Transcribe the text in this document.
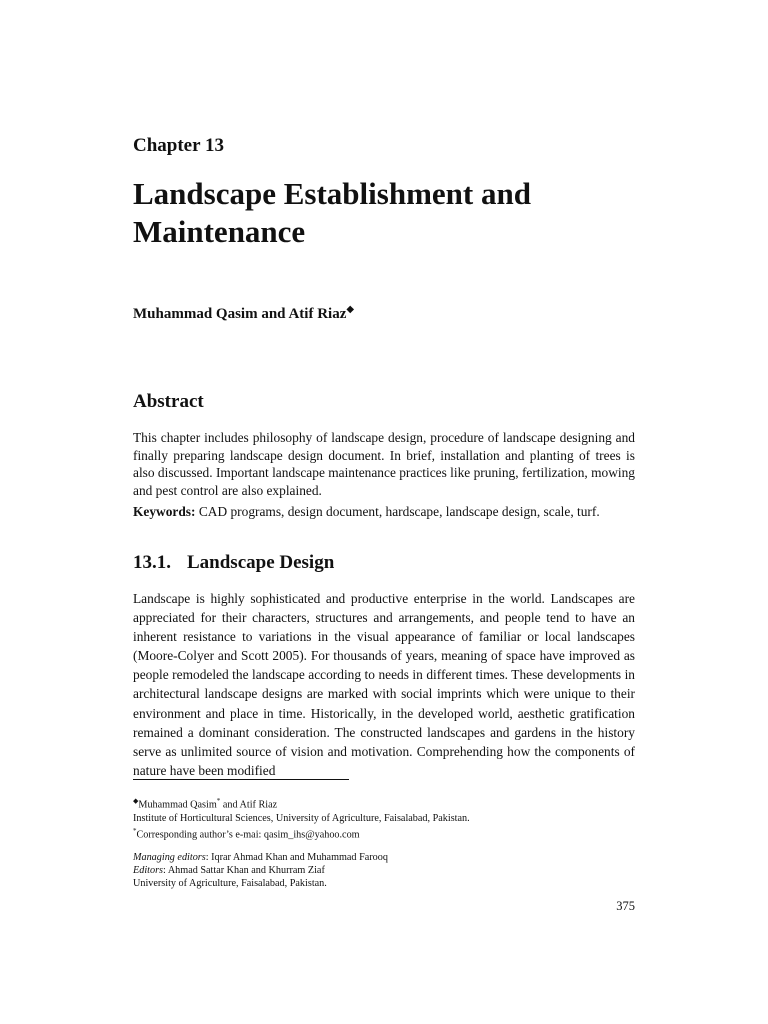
Chapter 13
Landscape Establishment and Maintenance

Muhammad Qasim and Atif Riaz◆

Abstract

This chapter includes philosophy of landscape design, procedure of landscape designing and finally preparing landscape design document. In brief, installation and planting of trees is also discussed. Important landscape maintenance practices like pruning, fertilization, mowing and pest control are also explained.

Keywords: CAD programs, design document, hardscape, landscape design, scale, turf.

13.1. Landscape Design

Landscape is highly sophisticated and productive enterprise in the world. Landscapes are appreciated for their characters, structures and arrangements, and people tend to have an inherent resistance to variations in the visual appearance of familiar or local landscapes (Moore-Colyer and Scott 2005). For thousands of years, meaning of space have improved as people remodeled the landscape according to needs in different times. These developments in architectural landscape designs are marked with social imprints which were unique to their environment and place in time. Historically, in the developed world, aesthetic gratification remained a dominant consideration. The constructed landscapes and gardens in the history serve as unlimited source of vision and motivation. Comprehending how the components of nature have been modified

◆Muhammad Qasim* and Atif Riaz
Institute of Horticultural Sciences, University of Agriculture, Faisalabad, Pakistan.
*Corresponding author’s e-mai: qasim_ihs@yahoo.com
Managing editors: Iqrar Ahmad Khan and Muhammad Farooq
Editors: Ahmad Sattar Khan and Khurram Ziaf
University of Agriculture, Faisalabad, Pakistan.

375
